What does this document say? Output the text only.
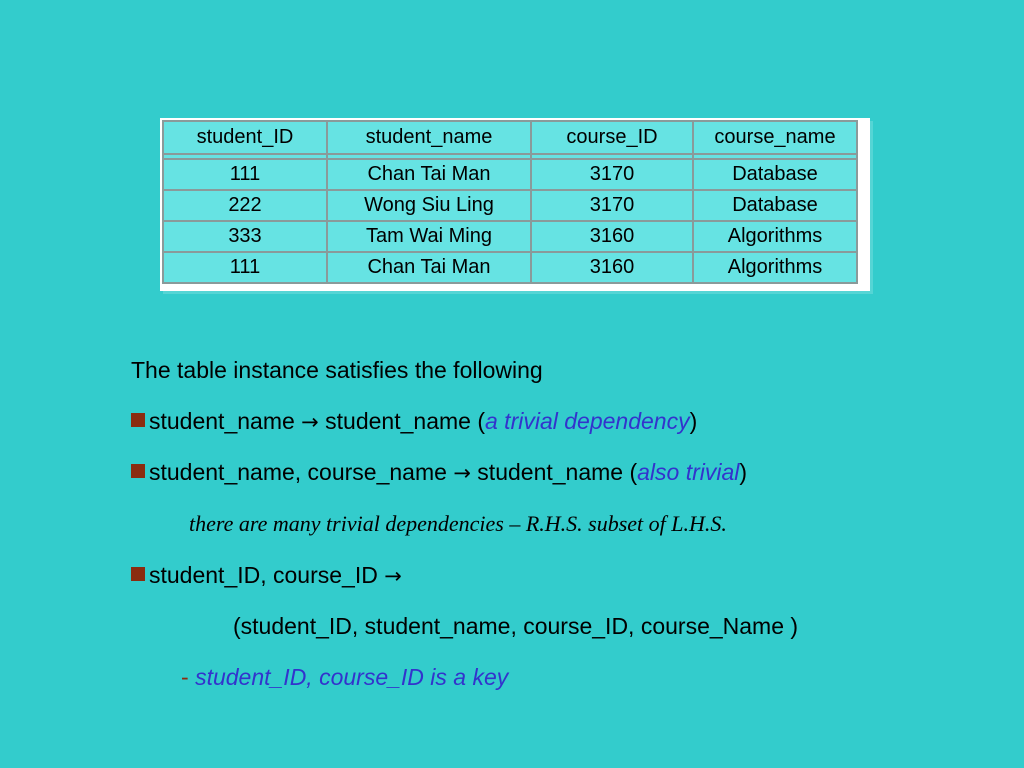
student_ID	student_name	course_ID	course_name

111	Chan Tai Man	3170	Database
222	Wong Siu Ling	3170	Database
333	Tam Wai Ming	3160	Algorithms
111	Chan Tai Man	3160	Algorithms
The table instance satisfies the following
student_name → student_name (a trivial dependency)
student_name, course_name → student_name (also trivial)
there are many trivial dependencies – R.H.S. subset of L.H.S.
student_ID, course_ID →
(student_ID, student_name, course_ID, course_Name )
- student_ID, course_ID is a key
